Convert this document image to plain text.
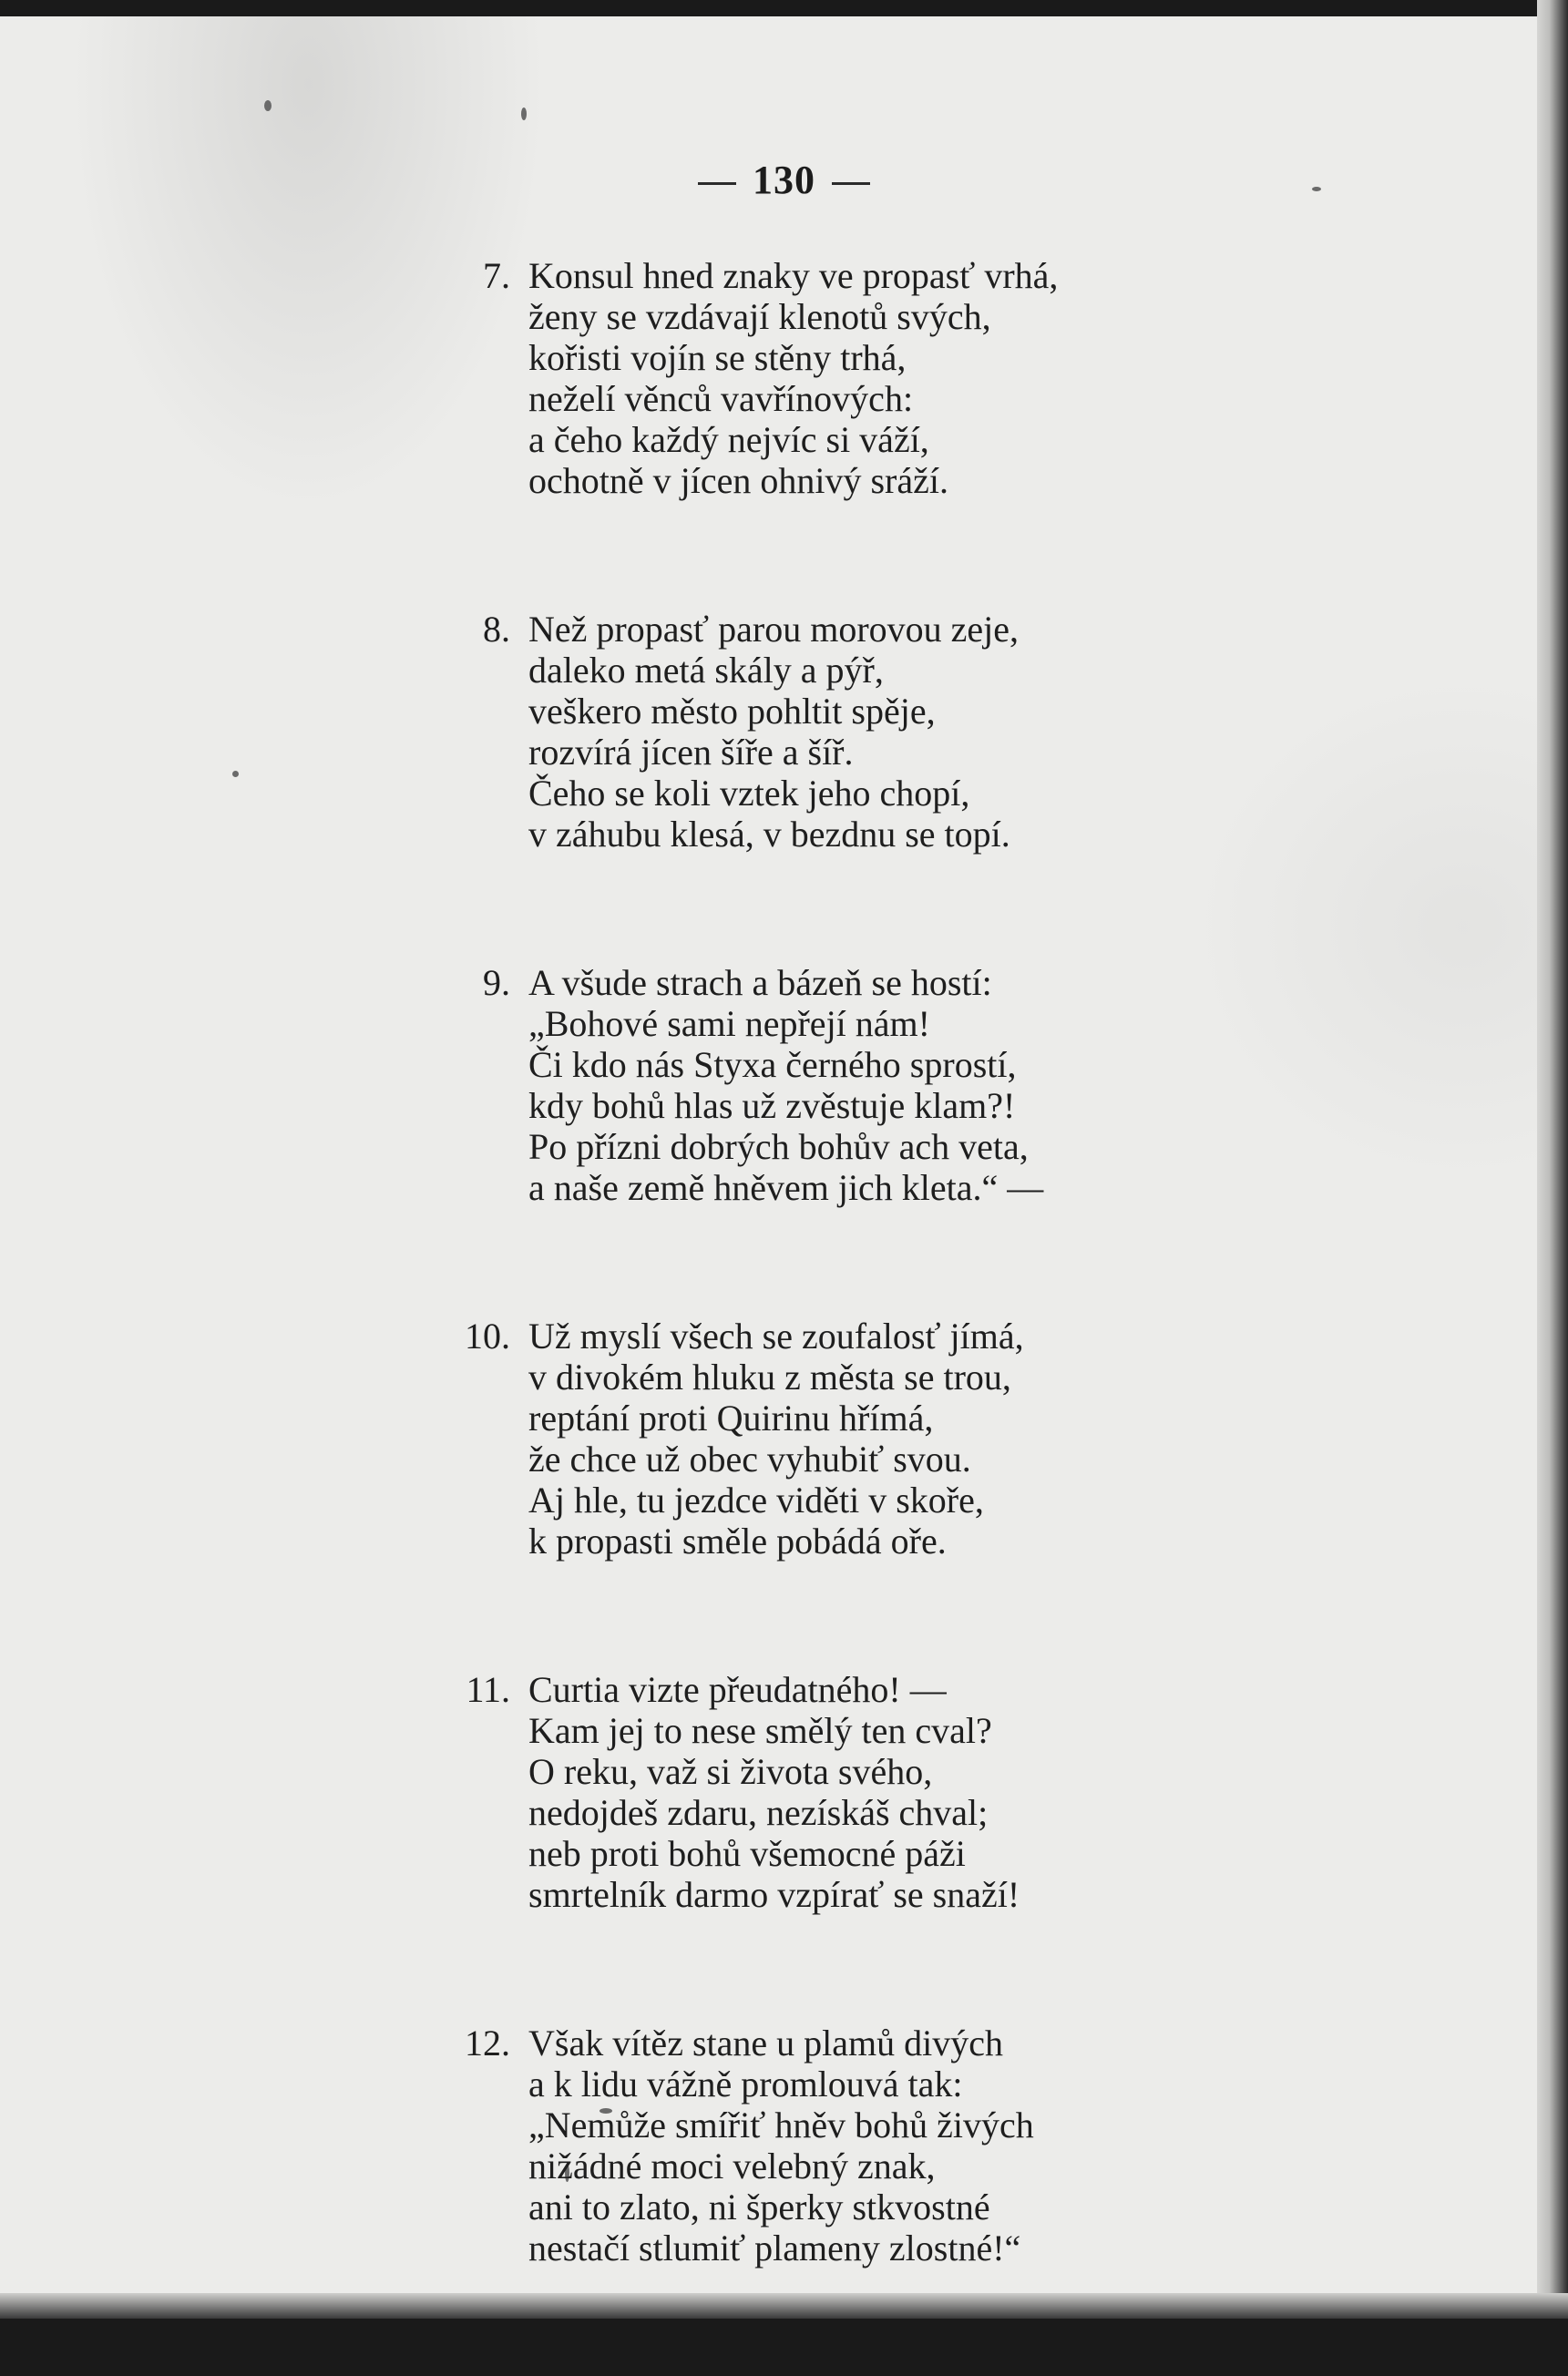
130
7. Konsul hned znaky ve propasť vrhá,
ženy se vzdávají klenotů svých,
kořisti vojín se stěny trhá,
neželí věnců vavřínových:
a čeho každý nejvíc si váží,
ochotně v jícen ohnivý sráží.
8. Než propasť parou morovou zeje,
daleko metá skály a pýř,
veškero město pohltit spěje,
rozvírá jícen šíře a šíř.
Čeho se koli vztek jeho chopí,
v záhubu klesá, v bezdnu se topí.
9. A všude strach a bázeň se hostí:
„Bohové sami nepřejí nám!
Či kdo nás Styxa černého sprostí,
kdy bohů hlas už zvěstuje klam?!
Po přízni dobrých bohův ach veta,
a naše země hněvem jich kleta.“ —
10. Už myslí všech se zoufalosť jímá,
v divokém hluku z města se trou,
reptání proti Quirinu hřímá,
že chce už obec vyhubiť svou.
Aj hle, tu jezdce viděti v skoře,
k propasti směle pobádá oře.
11. Curtia vizte přeudatného! —
Kam jej to nese smělý ten cval?
O reku, važ si života svého,
nedojdeš zdaru, nezískáš chval;
neb proti bohů všemocné páži
smrtelník darmo vzpírať se snaží!
12. Však vítěz stane u plamů divých
a k lidu vážně promlouvá tak:
„Nemůže smířiť hněv bohů živých
nižádné moci velebný znak,
ani to zlato, ni šperky stkvostné
nestačí stlumiť plameny zlostné!“
